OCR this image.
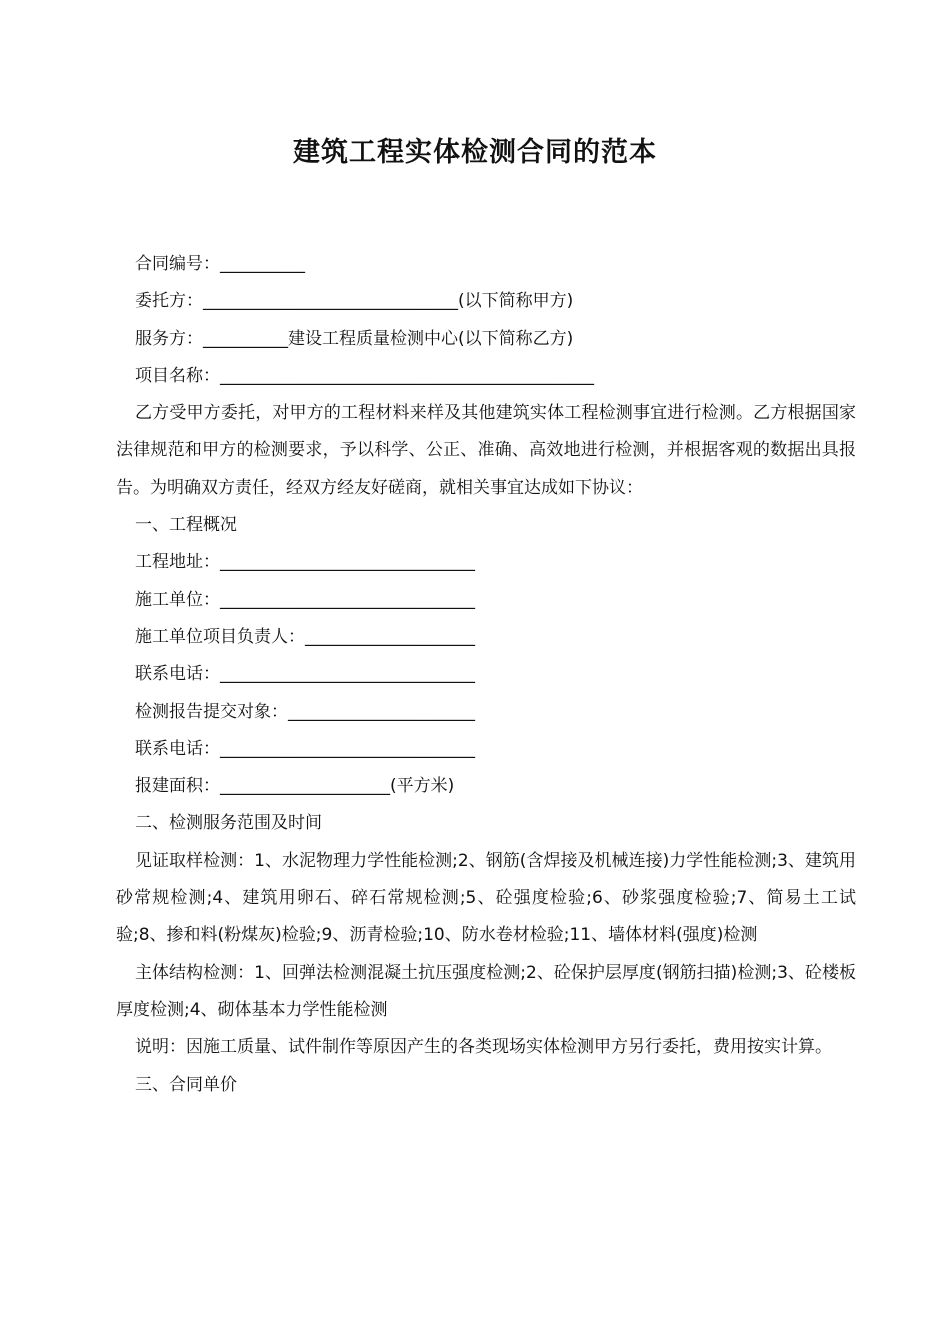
建筑工程实体检测合同的范本
合同编号：__________
委托方：______________________________(以下简称甲方)
服务方：__________建设工程质量检测中心(以下简称乙方)
项目名称：____________________________________________
乙方受甲方委托，对甲方的工程材料来样及其他建筑实体工程检测事宜进行检测。乙方根据国家法律规范和甲方的检测要求，予以科学、公正、准确、高效地进行检测，并根据客观的数据出具报告。为明确双方责任，经双方经友好磋商，就相关事宜达成如下协议：
一、工程概况
工程地址：______________________________
施工单位：______________________________
施工单位项目负责人：____________________
联系电话：______________________________
检测报告提交对象：______________________
联系电话：______________________________
报建面积：____________________(平方米)
二、检测服务范围及时间
见证取样检测：1、水泥物理力学性能检测;2、钢筋(含焊接及机械连接)力学性能检测;3、建筑用砂常规检测;4、建筑用卵石、碎石常规检测;5、砼强度检验;6、砂浆强度检验;7、简易土工试验;8、掺和料(粉煤灰)检验;9、沥青检验;10、防水卷材检验;11、墙体材料(强度)检测
主体结构检测：1、回弹法检测混凝土抗压强度检测;2、砼保护层厚度(钢筋扫描)检测;3、砼楼板厚度检测;4、砌体基本力学性能检测
说明：因施工质量、试件制作等原因产生的各类现场实体检测甲方另行委托，费用按实计算。
三、合同单价
